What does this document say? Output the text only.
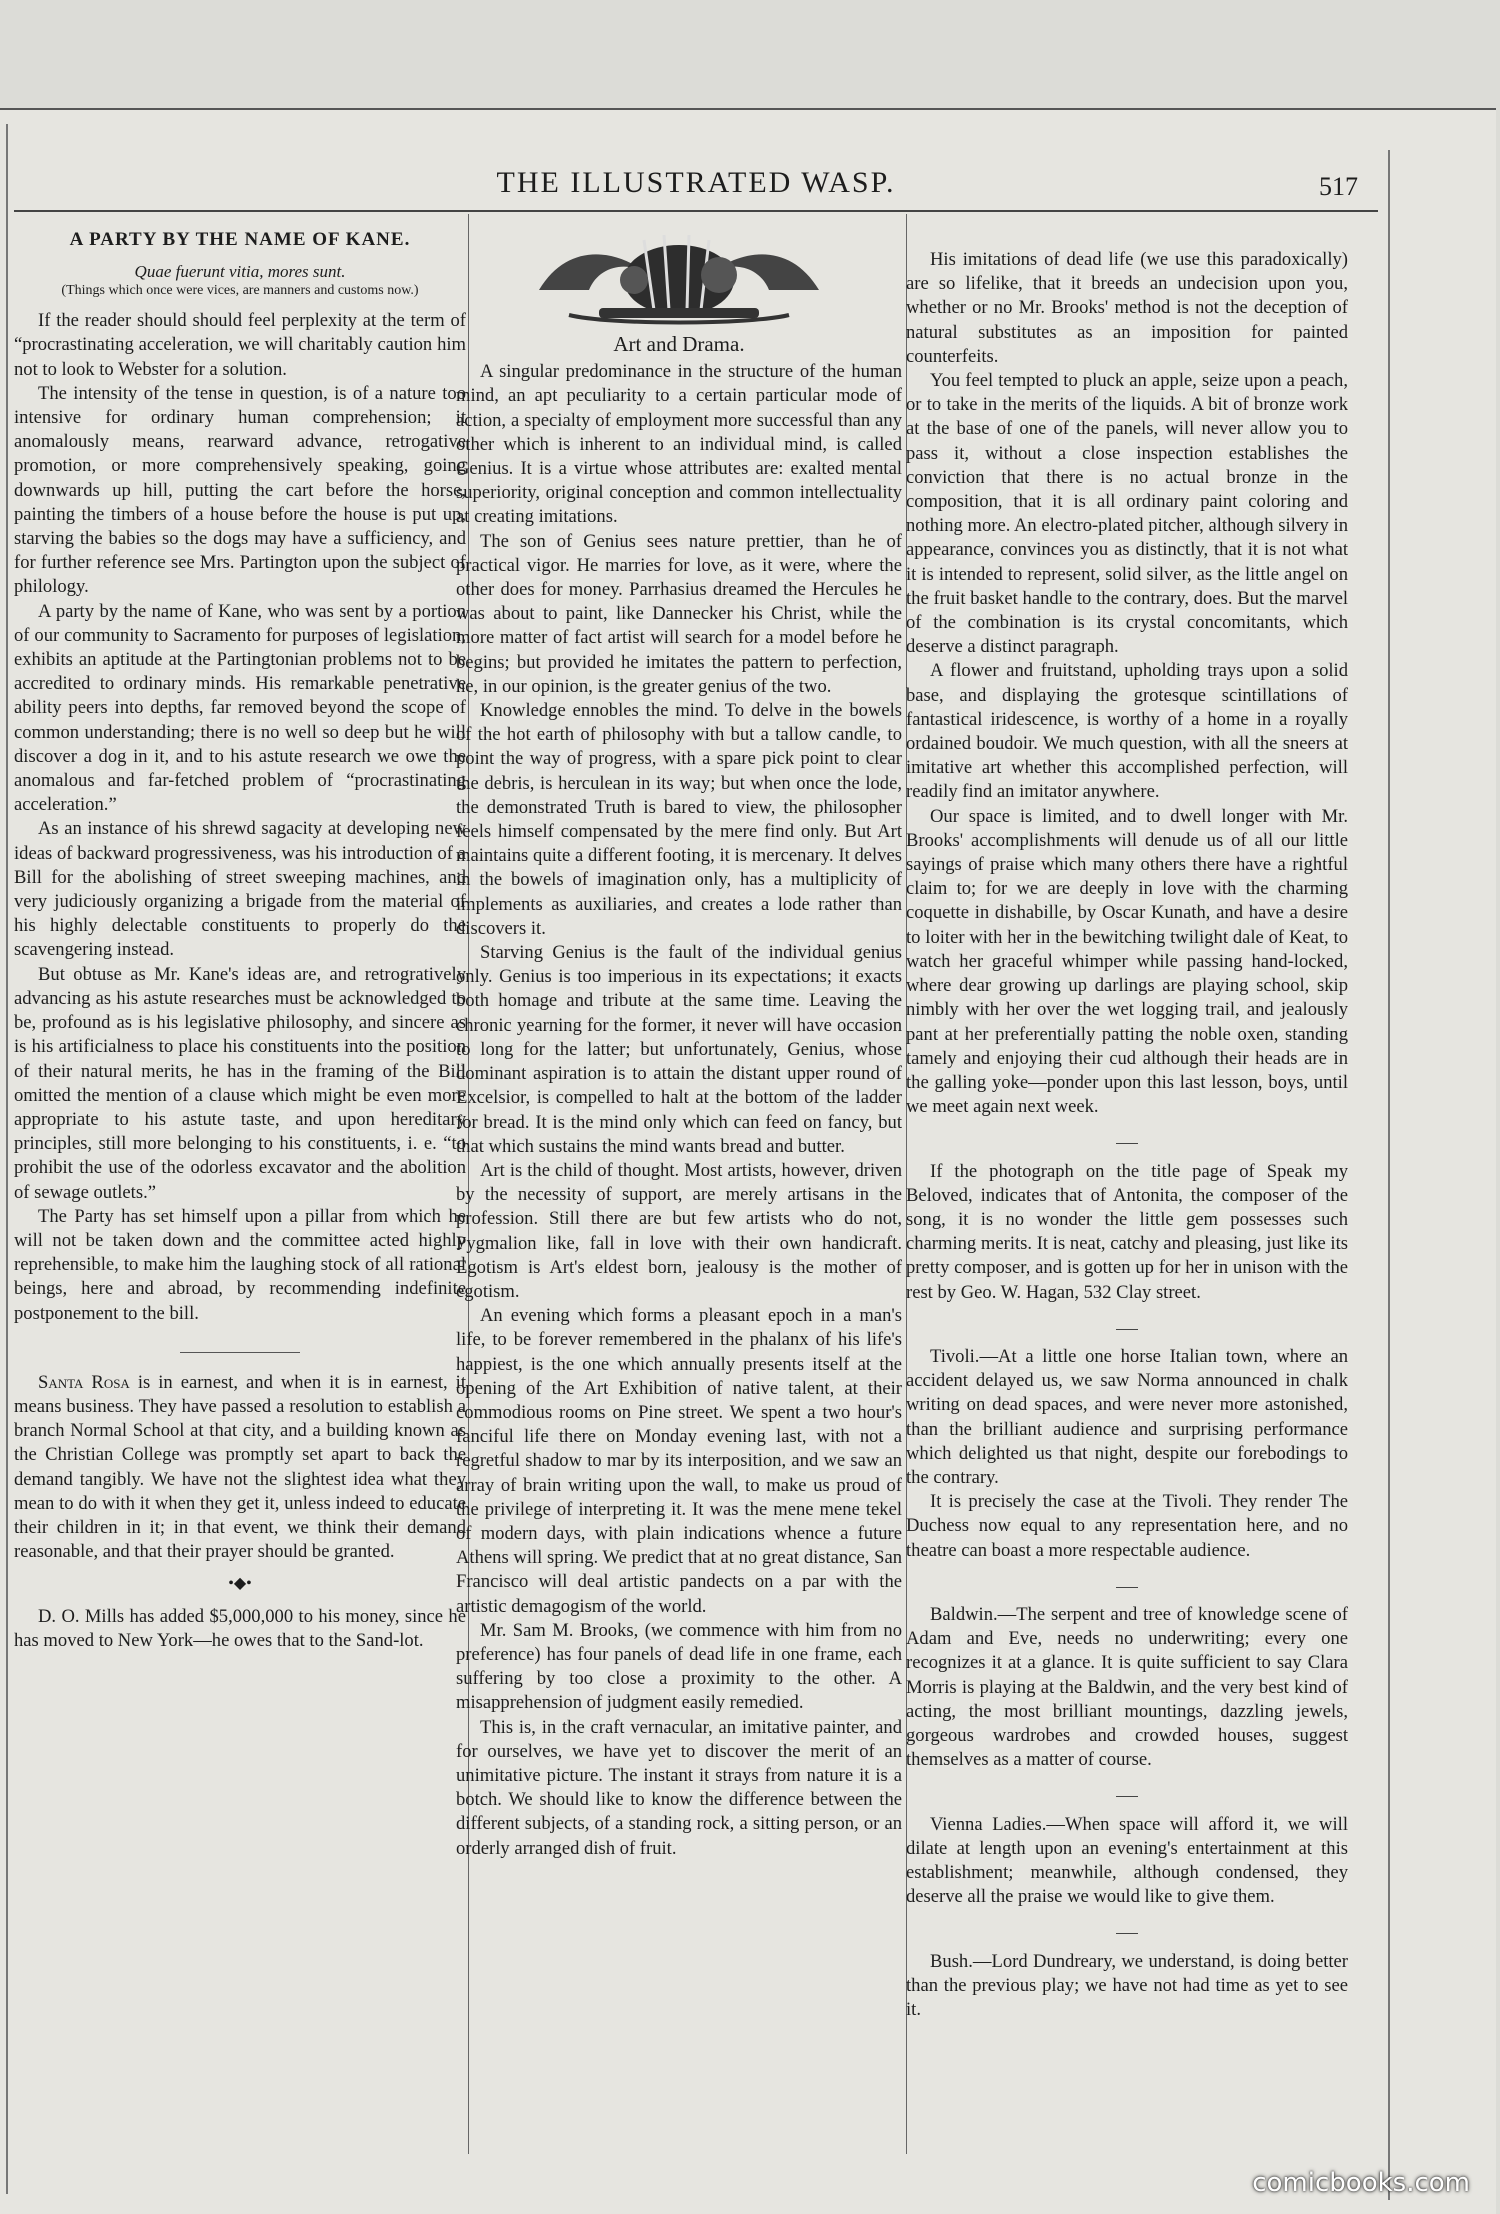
THE ILLUSTRATED WASP.	517
A PARTY BY THE NAME OF KANE.
Quae fuerunt vitia, mores sunt.
(Things which once were vices, are manners and customs now.)

If the reader should should feel perplexity at the term of “procrastinating acceleration, we will charitably caution him not to look to Webster for a solution.

The intensity of the tense in question, is of a nature too intensive for ordinary human comprehension; it anomalously means, rearward advance, retrogative promotion, or more comprehensively speaking, going downwards up hill, putting the cart before the horse, painting the timbers of a house before the house is put up, starving the babies so the dogs may have a sufficiency, and for further reference see Mrs. Partington upon the subject of philology.

A party by the name of Kane, who was sent by a portion of our community to Sacramento for purposes of legislation, exhibits an aptitude at the Partingtonian problems not to be accredited to ordinary minds. His remarkable penetrative ability peers into depths, far removed beyond the scope of common understanding; there is no well so deep but he will discover a dog in it, and to his astute research we owe the anomalous and far-fetched problem of “procrastinating acceleration.”

As an instance of his shrewd sagacity at developing new ideas of backward progressiveness, was his introduction of a Bill for the abolishing of street sweeping machines, and very judiciously organizing a brigade from the material of his highly delectable constituents to properly do the scavengering instead.

But obtuse as Mr. Kane's ideas are, and retrogratively advancing as his astute researches must be acknowledged to be, profound as is his legislative philosophy, and sincere as is his artificialness to place his constituents into the position of their natural merits, he has in the framing of the Bill omitted the mention of a clause which might be even more appropriate to his astute taste, and upon hereditary principles, still more belonging to his constituents, i. e. “to prohibit the use of the odorless excavator and the abolition of sewage outlets.”

The Party has set himself upon a pillar from which he will not be taken down and the committee acted highly reprehensible, to make him the laughing stock of all rational beings, here and abroad, by recommending indefinite postponement to the bill.

Santa Rosa is in earnest, and when it is in earnest, it means business. They have passed a resolution to establish a branch Normal School at that city, and a building known as the Christian College was promptly set apart to back the demand tangibly. We have not the slightest idea what they mean to do with it when they get it, unless indeed to educate their children in it; in that event, we think their demand reasonable, and that their prayer should be granted.

•◆•

D. O. Mills has added $5,000,000 to his money, since he has moved to New York—he owes that to the Sand-lot.

Art and Drama.

A singular predominance in the structure of the human mind, an apt peculiarity to a certain particular mode of action, a specialty of employment more successful than any other which is inherent to an individual mind, is called Genius. It is a virtue whose attributes are: exalted mental superiority, original conception and common intellectuality at creating imitations.

The son of Genius sees nature prettier, than he of practical vigor. He marries for love, as it were, where the other does for money. Parrhasius dreamed the Hercules he was about to paint, like Dannecker his Christ, while the more matter of fact artist will search for a model before he begins; but provided he imitates the pattern to perfection, he, in our opinion, is the greater genius of the two.

Knowledge ennobles the mind. To delve in the bowels of the hot earth of philosophy with but a tallow candle, to point the way of progress, with a spare pick point to clear the debris, is herculean in its way; but when once the lode, the demonstrated Truth is bared to view, the philosopher feels himself compensated by the mere find only. But Art maintains quite a different footing, it is mercenary. It delves in the bowels of imagination only, has a multiplicity of implements as auxiliaries, and creates a lode rather than discovers it.

Starving Genius is the fault of the individual genius only. Genius is too imperious in its expectations; it exacts both homage and tribute at the same time. Leaving the chronic yearning for the former, it never will have occasion to long for the latter; but unfortunately, Genius, whose dominant aspiration is to attain the distant upper round of Excelsior, is compelled to halt at the bottom of the ladder for bread. It is the mind only which can feed on fancy, but that which sustains the mind wants bread and butter.

Art is the child of thought. Most artists, however, driven by the necessity of support, are merely artisans in the profession. Still there are but few artists who do not, Pygmalion like, fall in love with their own handicraft. Egotism is Art's eldest born, jealousy is the mother of egotism.

An evening which forms a pleasant epoch in a man's life, to be forever remembered in the phalanx of his life's happiest, is the one which annually presents itself at the opening of the Art Exhibition of native talent, at their commodious rooms on Pine street. We spent a two hour's fanciful life there on Monday evening last, with not a regretful shadow to mar by its interposition, and we saw an array of brain writing upon the wall, to make us proud of the privilege of interpreting it. It was the mene mene tekel of modern days, with plain indications whence a future Athens will spring. We predict that at no great distance, San Francisco will deal artistic pandects on a par with the artistic demagogism of the world.

Mr. Sam M. Brooks, (we commence with him from no preference) has four panels of dead life in one frame, each suffering by too close a proximity to the other. A misapprehension of judgment easily remedied.

This is, in the craft vernacular, an imitative painter, and for ourselves, we have yet to discover the merit of an unimitative picture. The instant it strays from nature it is a botch. We should like to know the difference between the different subjects, of a standing rock, a sitting person, or an orderly arranged dish of fruit.

His imitations of dead life (we use this paradoxically) are so lifelike, that it breeds an undecision upon you, whether or no Mr. Brooks' method is not the deception of natural substitutes as an imposition for painted counterfeits.

You feel tempted to pluck an apple, seize upon a peach, or to take in the merits of the liquids. A bit of bronze work at the base of one of the panels, will never allow you to pass it, without a close inspection establishes the conviction that there is no actual bronze in the composition, that it is all ordinary paint coloring and nothing more. An electro-plated pitcher, although silvery in appearance, convinces you as distinctly, that it is not what it is intended to represent, solid silver, as the little angel on the fruit basket handle to the contrary, does. But the marvel of the combination is its crystal concomitants, which deserve a distinct paragraph.

A flower and fruitstand, upholding trays upon a solid base, and displaying the grotesque scintillations of fantastical iridescence, is worthy of a home in a royally ordained boudoir. We much question, with all the sneers at imitative art whether this accomplished perfection, will readily find an imitator anywhere.

Our space is limited, and to dwell longer with Mr. Brooks' accomplishments will denude us of all our little sayings of praise which many others there have a rightful claim to; for we are deeply in love with the charming coquette in dishabille, by Oscar Kunath, and have a desire to loiter with her in the bewitching twilight dale of Keat, to watch her graceful whimper while passing hand-locked, where dear growing up darlings are playing school, skip nimbly with her over the wet logging trail, and jealously pant at her preferentially patting the noble oxen, standing tamely and enjoying their cud although their heads are in the galling yoke—ponder upon this last lesson, boys, until we meet again next week.

If the photograph on the title page of Speak my Beloved, indicates that of Antonita, the composer of the song, it is no wonder the little gem possesses such charming merits. It is neat, catchy and pleasing, just like its pretty composer, and is gotten up for her in unison with the rest by Geo. W. Hagan, 532 Clay street.

Tivoli.—At a little one horse Italian town, where an accident delayed us, we saw Norma announced in chalk writing on dead spaces, and were never more astonished, than the brilliant audience and surprising performance which delighted us that night, despite our forebodings to the contrary.

It is precisely the case at the Tivoli. They render The Duchess now equal to any representation here, and no theatre can boast a more respectable audience.

Baldwin.—The serpent and tree of knowledge scene of Adam and Eve, needs no underwriting; every one recognizes it at a glance. It is quite sufficient to say Clara Morris is playing at the Baldwin, and the very best kind of acting, the most brilliant mountings, dazzling jewels, gorgeous wardrobes and crowded houses, suggest themselves as a matter of course.

Vienna Ladies.—When space will afford it, we will dilate at length upon an evening's entertainment at this establishment; meanwhile, although condensed, they deserve all the praise we would like to give them.

Bush.—Lord Dundreary, we understand, is doing better than the previous play; we have not had time as yet to see it.

comicbooks.com
